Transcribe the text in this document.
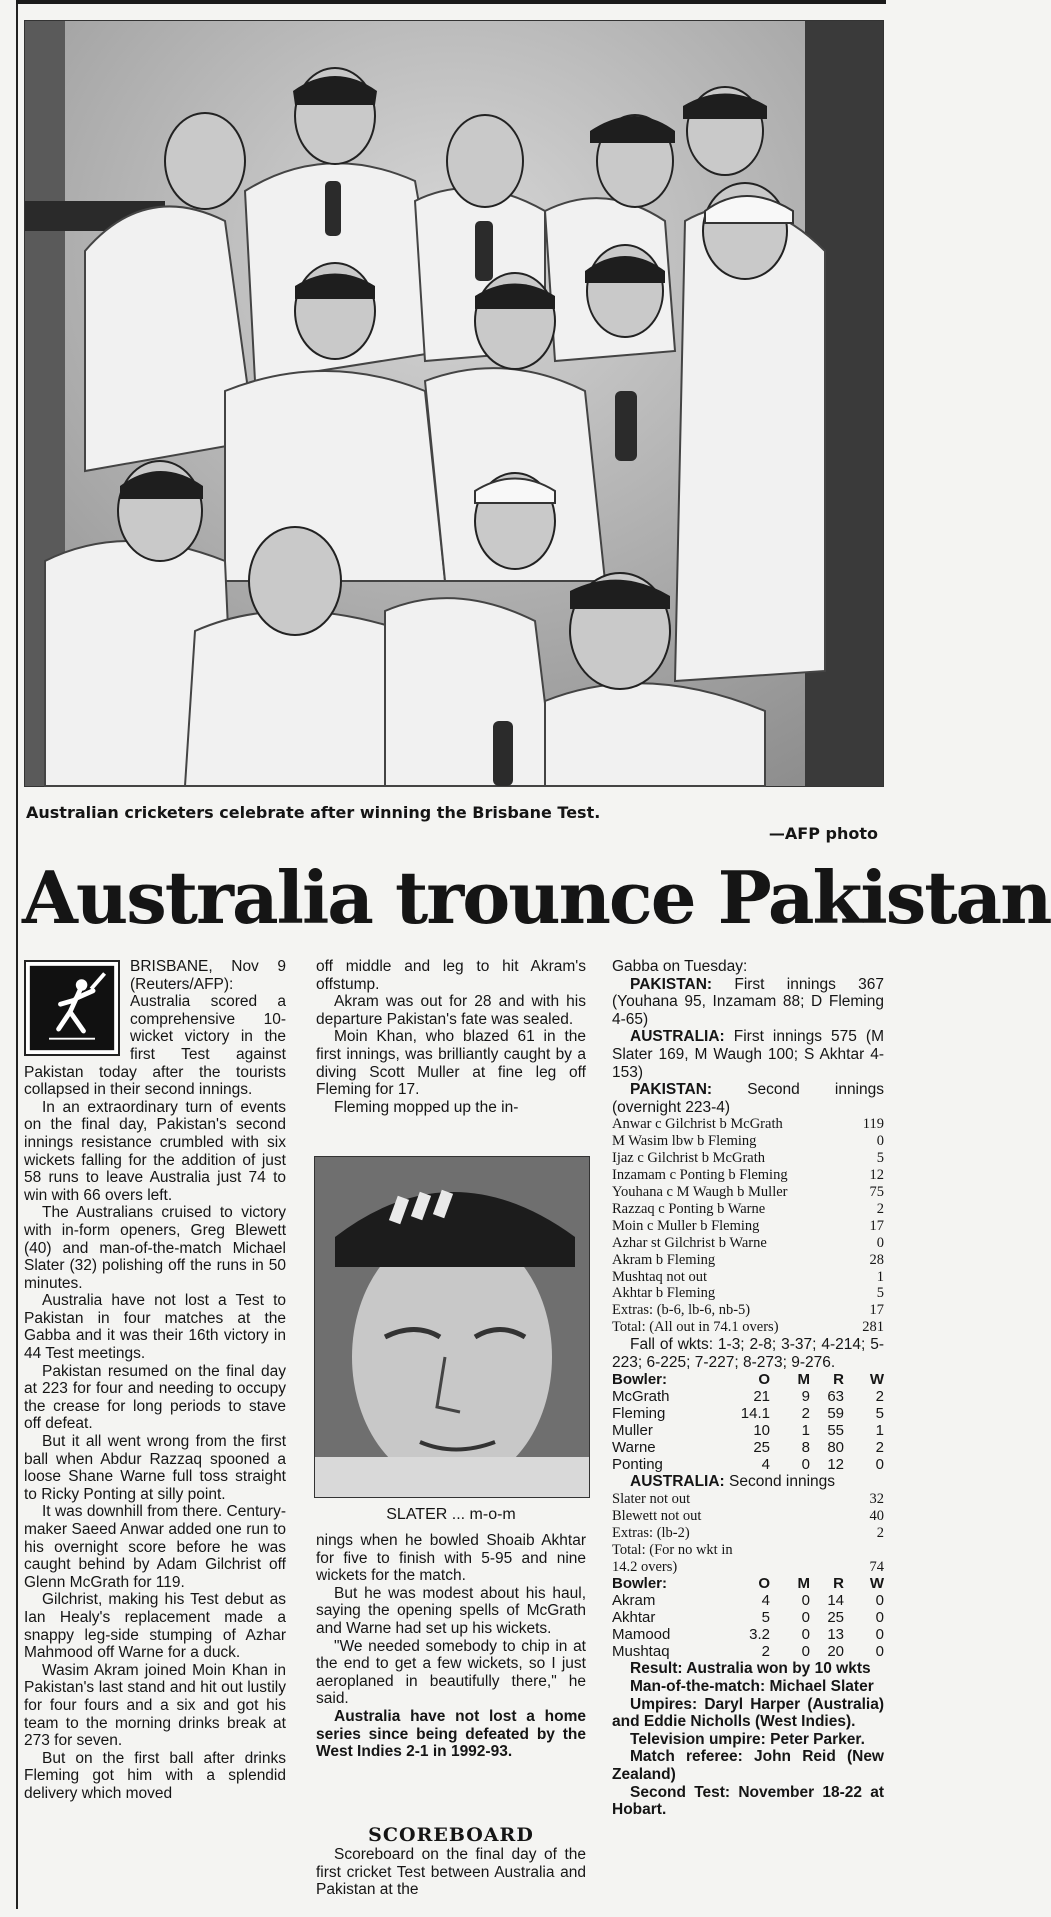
Australian cricketers celebrate after winning the Brisbane Test.
—AFP photo
Australia trounce Pakistan

BRISBANE, Nov 9 (Reuters/AFP): Australia scored a comprehensive 10-wicket victory in the first Test against Pakistan today after the tourists collapsed in their second innings.

In an extraordinary turn of events on the final day, Pakistan's second innings resistance crumbled with six wickets falling for the addition of just 58 runs to leave Australia just 74 to win with 66 overs left.

The Australians cruised to victory with in-form openers, Greg Blewett (40) and man-of-the-match Michael Slater (32) polishing off the runs in 50 minutes.

Australia have not lost a Test to Pakistan in four matches at the Gabba and it was their 16th victory in 44 Test meetings.

Pakistan resumed on the final day at 223 for four and needing to occupy the crease for long periods to stave off defeat.

But it all went wrong from the first ball when Abdur Razzaq spooned a loose Shane Warne full toss straight to Ricky Ponting at silly point.

It was downhill from there. Century-maker Saeed Anwar added one run to his overnight score before he was caught behind by Adam Gilchrist off Glenn McGrath for 119.

Gilchrist, making his Test debut as Ian Healy's replacement made a snappy leg-side stumping of Azhar Mahmood off Warne for a duck.

Wasim Akram joined Moin Khan in Pakistan's last stand and hit out lustily for four fours and a six and got his team to the morning drinks break at 273 for seven.

But on the first ball after drinks Fleming got him with a splendid delivery which moved

off middle and leg to hit Akram's offstump.

Akram was out for 28 and with his departure Pakistan's fate was sealed.

Moin Khan, who blazed 61 in the first innings, was brilliantly caught by a diving Scott Muller at fine leg off Fleming for 17.

Fleming mopped up the in-

SLATER ... m-o-m

nings when he bowled Shoaib Akhtar for five to finish with 5-95 and nine wickets for the match.

But he was modest about his haul, saying the opening spells of McGrath and Warne had set up his wickets.

"We needed somebody to chip in at the end to get a few wickets, so I just aeroplaned in beautifully there," he said.

Australia have not lost a home series since being defeated by the West Indies 2-1 in 1992-93.

SCOREBOARD

Scoreboard on the final day of the first cricket Test between Australia and Pakistan at the

Gabba on Tuesday:

PAKISTAN: First innings 367 (Youhana 95, Inzamam 88; D Fleming 4-65)

AUSTRALIA: First innings 575 (M Slater 169, M Waugh 100; S Akhtar 4-153)

PAKISTAN: Second innings (overnight 223-4)

Anwar c Gilchrist b McGrath	119
M Wasim lbw b Fleming	0
Ijaz c Gilchrist b McGrath	5
Inzamam c Ponting b Fleming	12
Youhana c M Waugh b Muller	75
Razzaq c Ponting b Warne	2
Moin c Muller b Fleming	17
Azhar st Gilchrist b Warne	0
Akram b Fleming	28
Mushtaq not out	1
Akhtar b Fleming	5
Extras: (b-6, lb-6, nb-5)	17
Total: (All out in 74.1 overs)	281

Fall of wkts: 1-3; 2-8; 3-37; 4-214; 5-223; 6-225; 7-227; 8-273; 9-276.

Bowler:	O	M	R	W
McGrath	21	9	63	2
Fleming	14.1	2	59	5
Muller	10	1	55	1
Warne	25	8	80	2
Ponting	4	0	12	0

AUSTRALIA: Second innings

Slater not out	32
Blewett not out	40
Extras: (lb-2)	2
Total: (For no wkt in
14.2 overs)	74
Bowler:	O	M	R	W
Akram	4	0	14	0
Akhtar	5	0	25	0
Mamood	3.2	0	13	0
Mushtaq	2	0	20	0

Result: Australia won by 10 wkts

Man-of-the-match: Michael Slater

Umpires: Daryl Harper (Australia) and Eddie Nicholls (West Indies).

Television umpire: Peter Parker.

Match referee: John Reid (New Zealand)

Second Test: November 18-22 at Hobart.
